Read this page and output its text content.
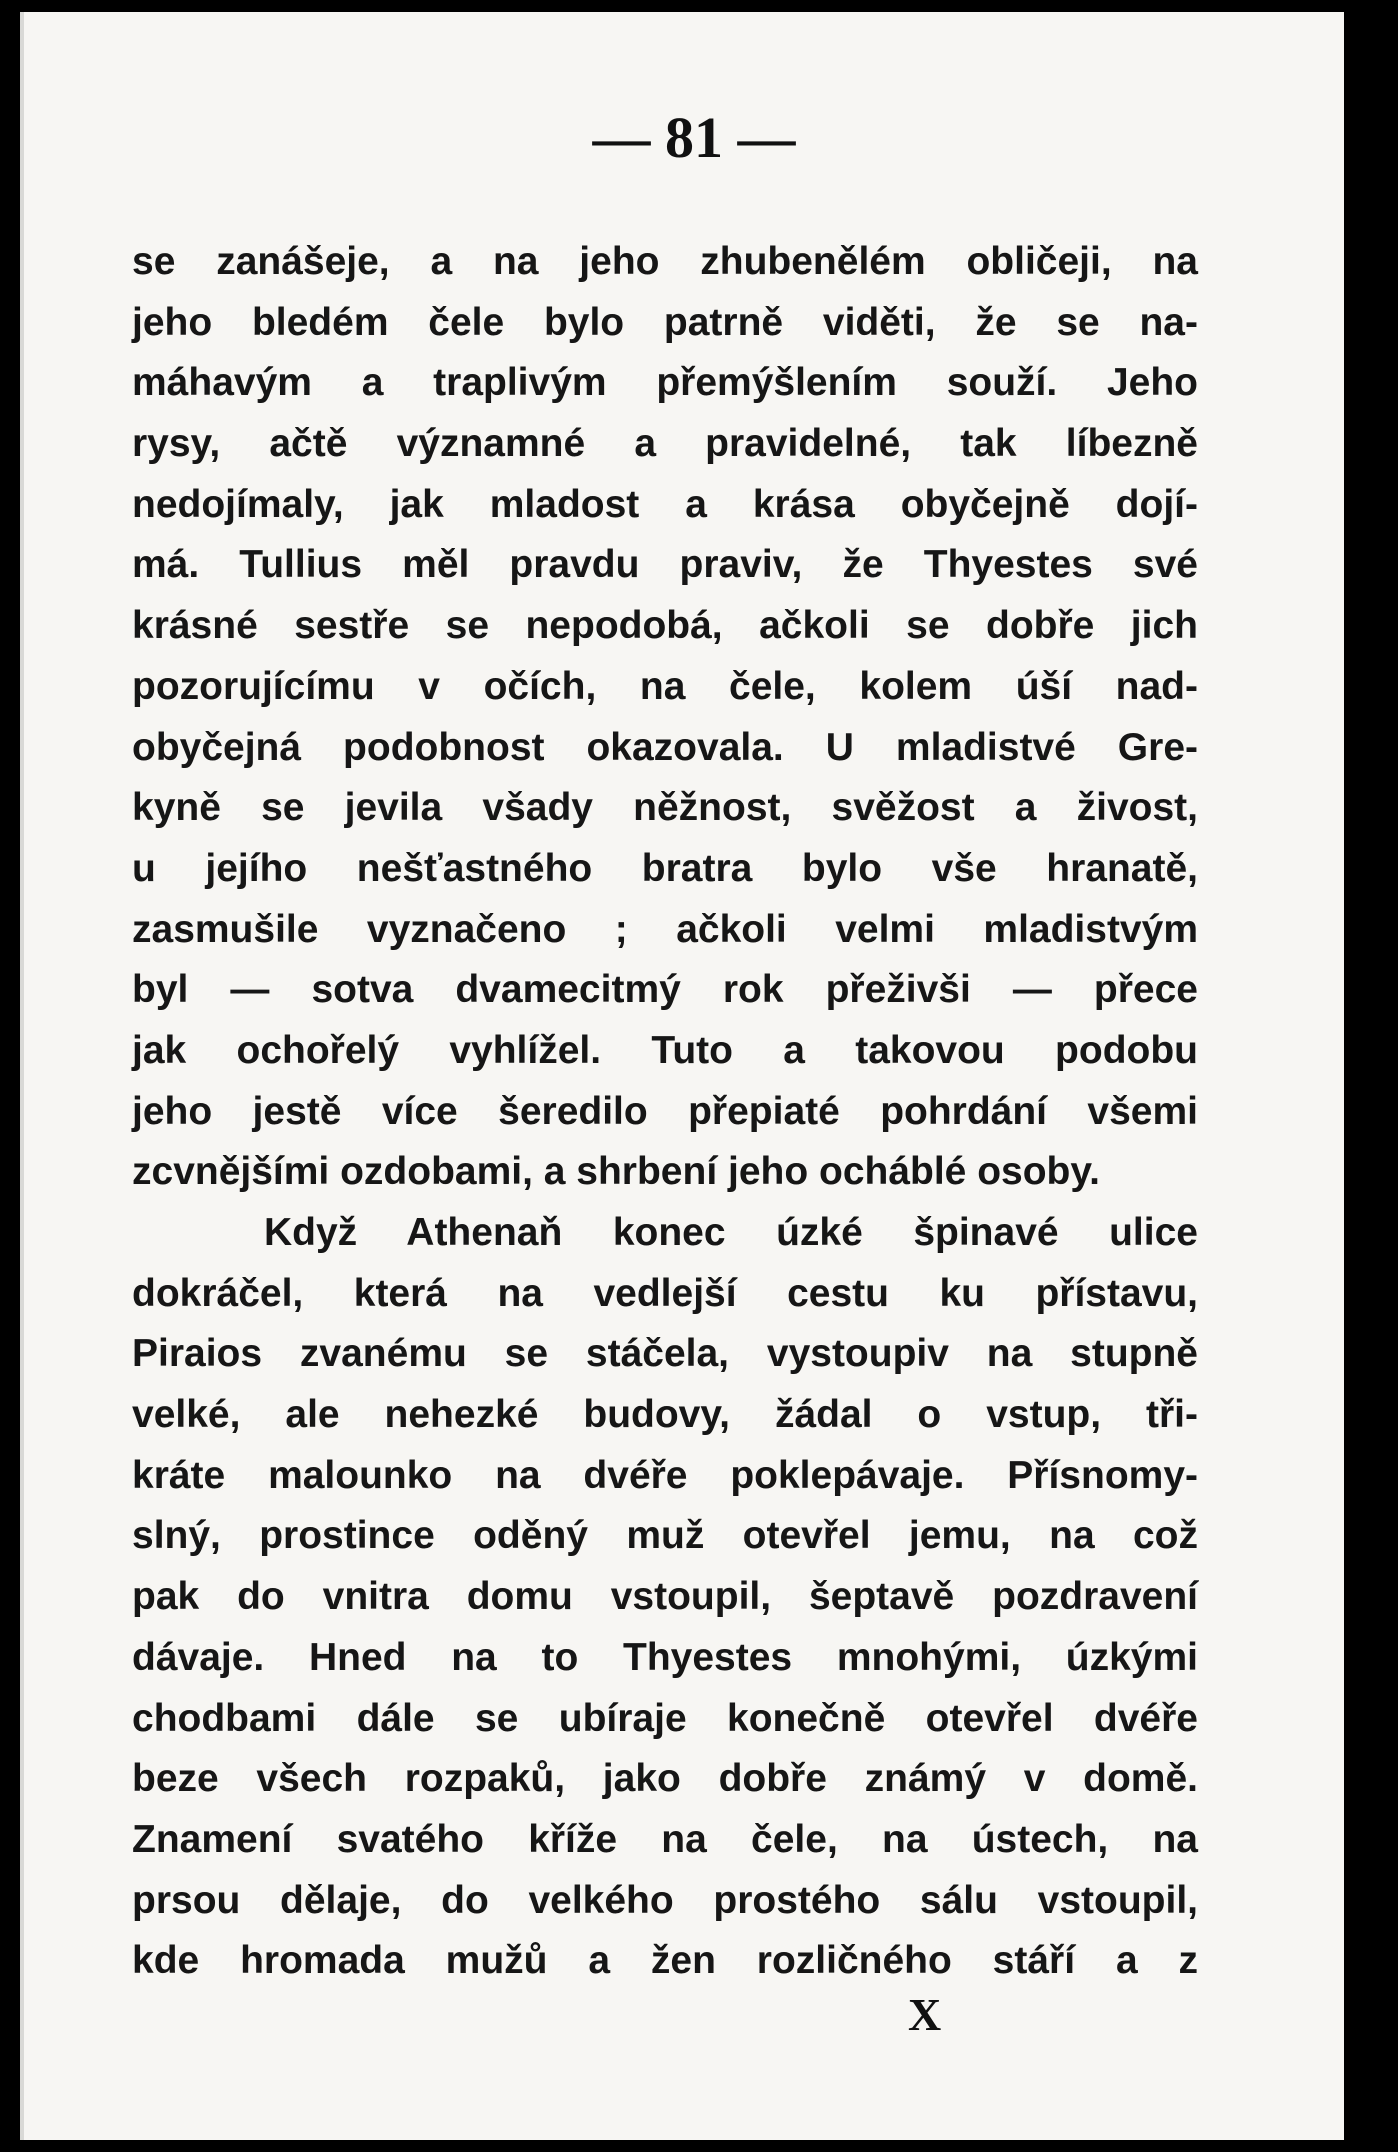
— 81 —
se zanášeje, a na jeho zhubenělém obličeji, na
jeho bledém čele bylo patrně viděti, že se na-
máhavým a traplivým přemýšlením souží. Jeho
rysy, ačtě významné a pravidelné, tak líbezně
nedojímaly, jak mladost a krása obyčejně dojí-
má. Tullius měl pravdu praviv, že Thyestes své
krásné sestře se nepodobá, ačkoli se dobře jich
pozorujícímu v očích, na čele, kolem úší nad-
obyčejná podobnost okazovala. U mladistvé Gre-
kyně se jevila všady něžnost, svěžost a živost,
u jejího nešťastného bratra bylo vše hranatě,
zasmušile vyznačeno ; ačkoli velmi mladistvým
byl — sotva dvamecitmý rok přeživši — přece
jak ochořelý vyhlížel. Tuto a takovou podobu
jeho jestě více šeredilo přepiaté pohrdání všemi
zcvnějšími ozdobami, a shrbení jeho ocháblé osoby.
Když Athenaň konec úzké špinavé ulice
dokráčel, která na vedlejší cestu ku přístavu,
Piraios zvanému se stáčela, vystoupiv na stupně
velké, ale nehezké budovy, žádal o vstup, tři-
kráte malounko na dvéře poklepávaje. Přísnomy-
slný, prostince oděný muž otevřel jemu, na což
pak do vnitra domu vstoupil, šeptavě pozdravení
dávaje. Hned na to Thyestes mnohými, úzkými
chodbami dále se ubíraje konečně otevřel dvéře
beze všech rozpaků, jako dobře známý v domě.
Znamení svatého kříže na čele, na ústech, na
prsou dělaje, do velkého prostého sálu vstoupil,
kde hromada mužů a žen rozličného stáří a z
X
